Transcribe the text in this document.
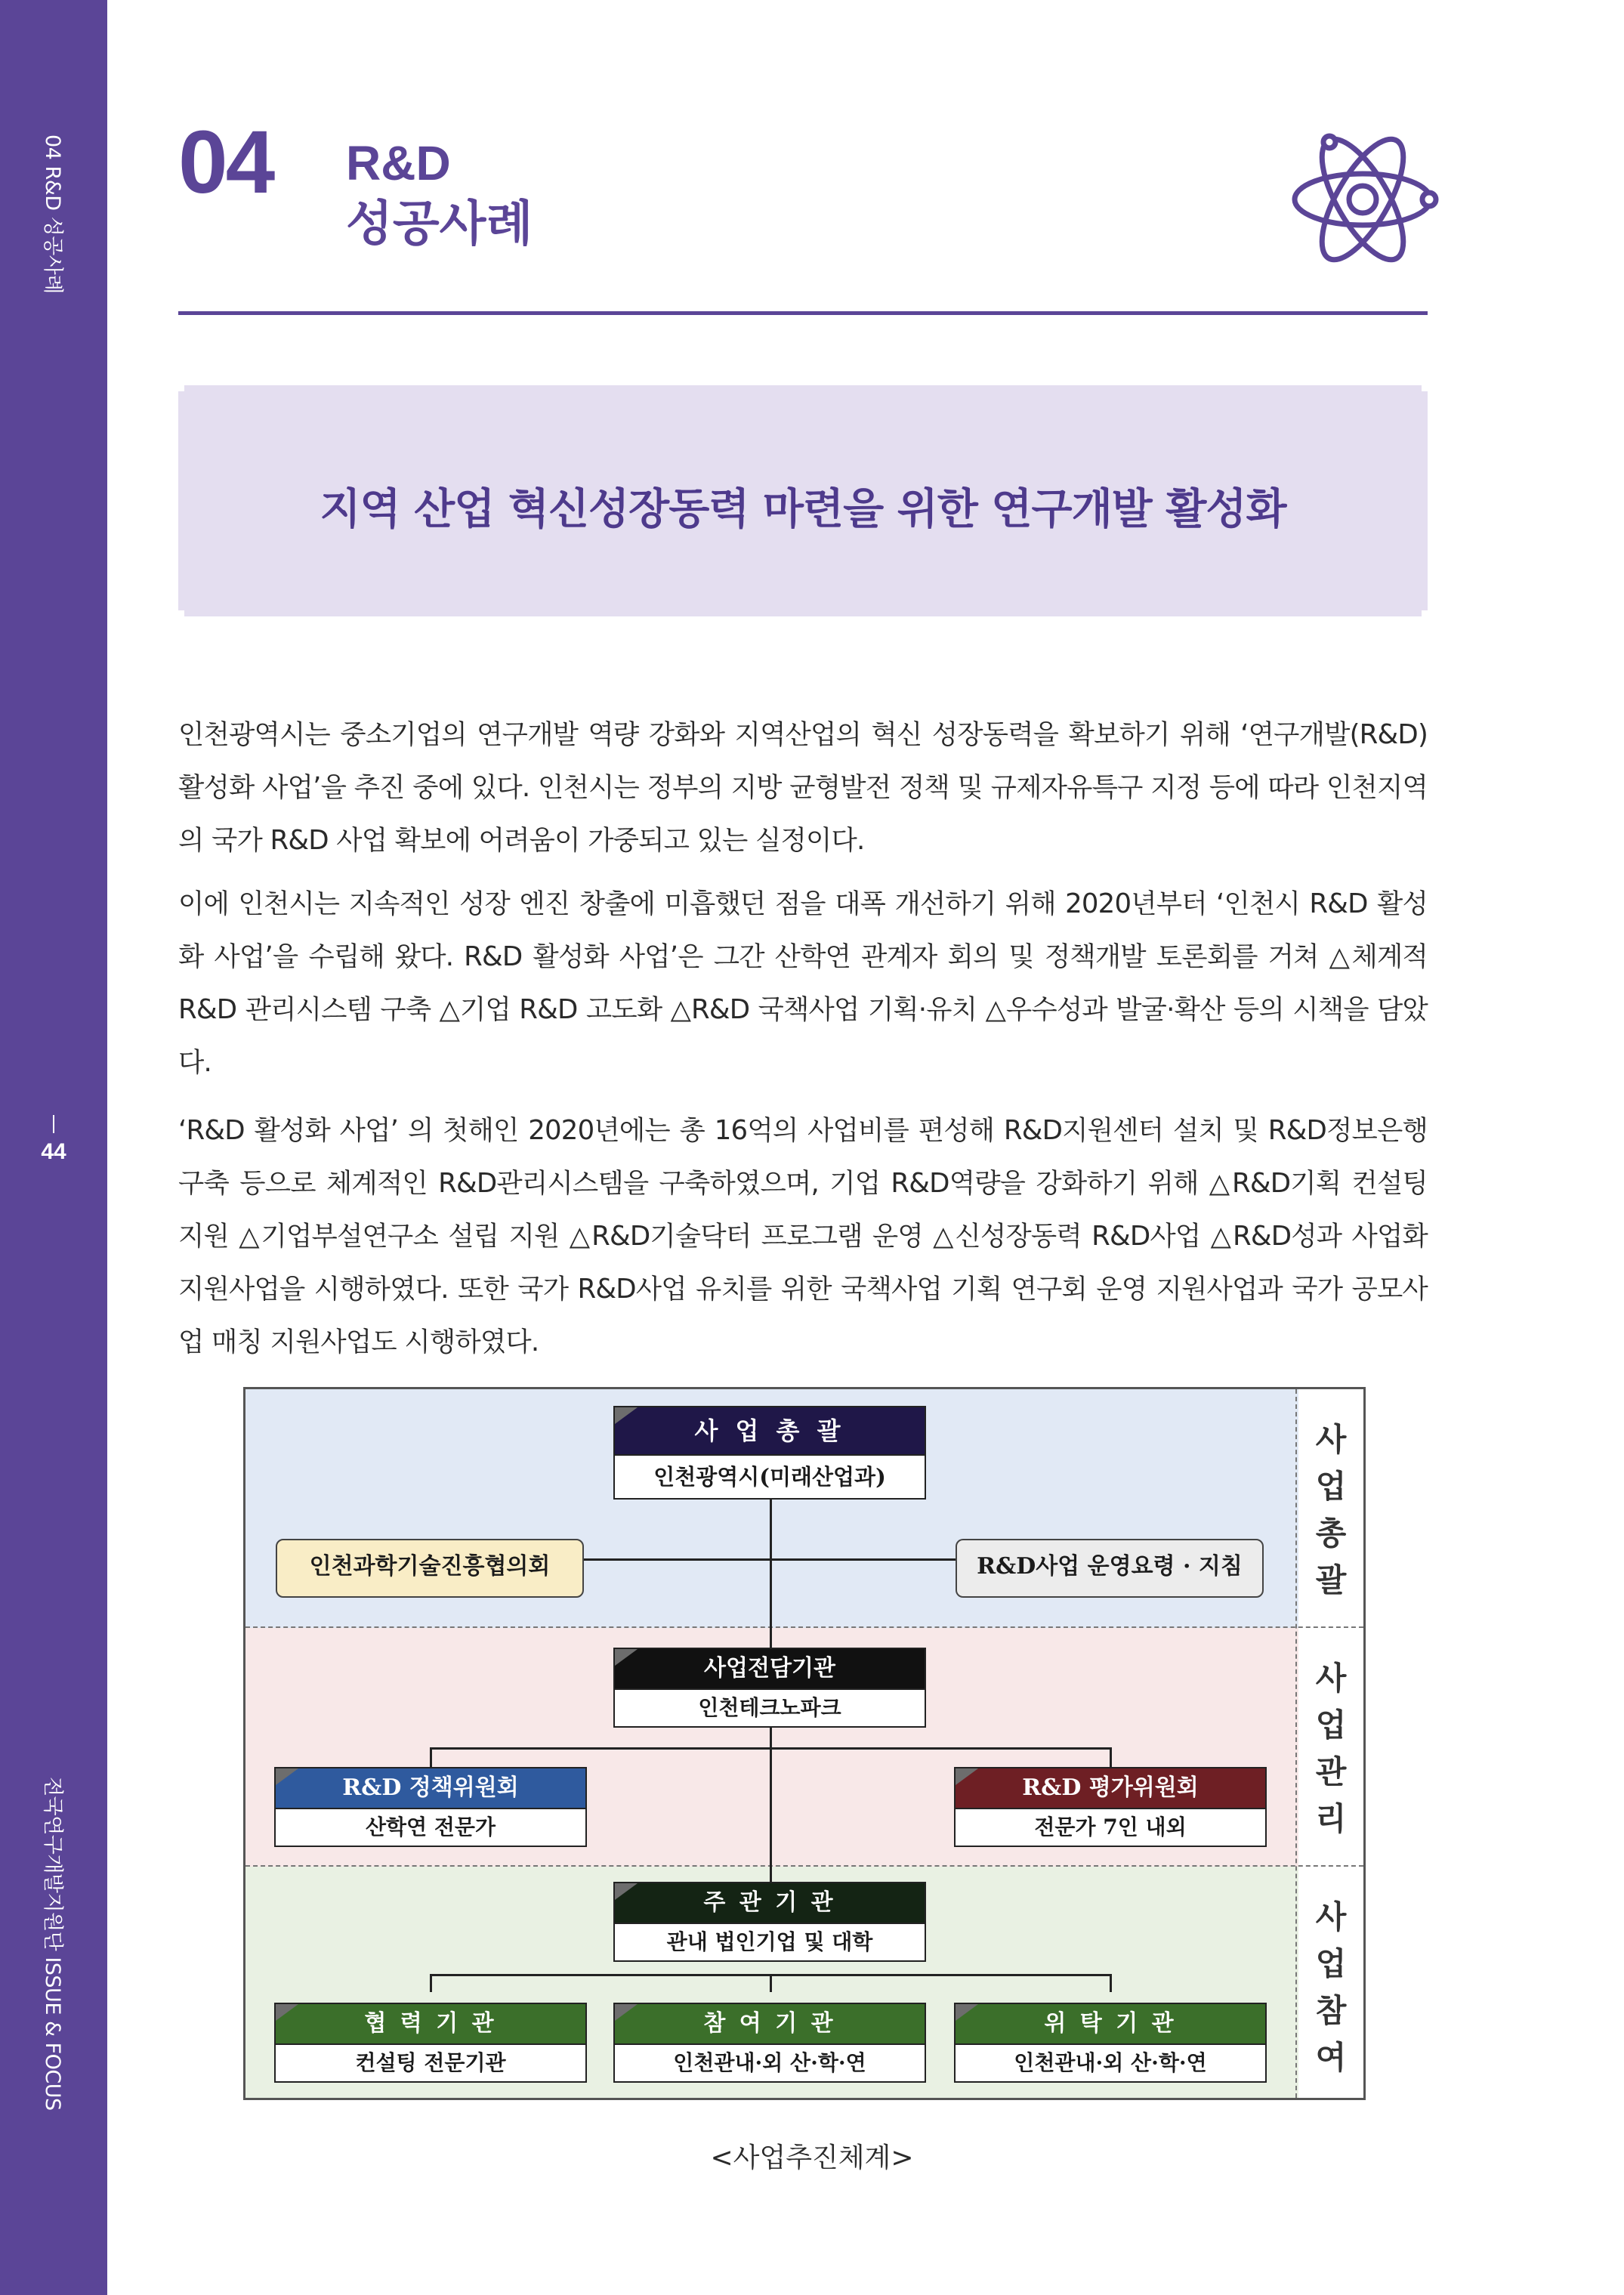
04 R&D 성공사례
44
전국연구개발지원단 ISSUE & FOCUS
04 R&D
성공사례
지역 산업 혁신성장동력 마련을 위한 연구개발 활성화

인천광역시는 중소기업의 연구개발 역량 강화와 지역산업의 혁신 성장동력을 확보하기 위해 ‘연구개발(R&D) 활성화 사업’을 추진 중에 있다. 인천시는 정부의 지방 균형발전 정책 및 규제자유특구 지정 등에 따라 인천지역의 국가 R&D 사업 확보에 어려움이 가중되고 있는 실정이다.

이에 인천시는 지속적인 성장 엔진 창출에 미흡했던 점을 대폭 개선하기 위해 2020년부터 ‘인천시 R&D 활성화 사업’을 수립해 왔다. R&D 활성화 사업’은 그간 산학연 관계자 회의 및 정책개발 토론회를 거쳐 △체계적 R&D 관리시스템 구축 △기업 R&D 고도화 △R&D 국책사업 기획·유치 △우수성과 발굴·확산 등의 시책을 담았다.

‘R&D 활성화 사업’ 의 첫해인 2020년에는 총 16억의 사업비를 편성해 R&D지원센터 설치 및 R&D정보은행 구축 등으로 체계적인 R&D관리시스템을 구축하였으며, 기업 R&D역량을 강화하기 위해 △R&D기획 컨설팅 지원 △기업부설연구소 설립 지원 △R&D기술닥터 프로그램 운영 △신성장동력 R&D사업 △R&D성과 사업화 지원사업을 시행하였다. 또한 국가 R&D사업 유치를 위한 국책사업 기획 연구회 운영 지원사업과 국가 공모사업 매칭 지원사업도 시행하였다.

사
업
총
괄
사
업
관
리
사
업
참
여
사 업 총 괄
인천광역시(미래산업과)
인천과학기술진흥협의회	R&D사업 운영요령 · 지침
사업전담기관
인천테크노파크
R&D 정책위원회
산학연 전문가
R&D 평가위원회
전문가 7인 내외
주 관 기 관
관내 법인기업 및 대학
협 력 기 관
컨설팅 전문기관
참 여 기 관
인천관내·외 산·학·연
위 탁 기 관
인천관내·외 산·학·연
<사업추진체계>
